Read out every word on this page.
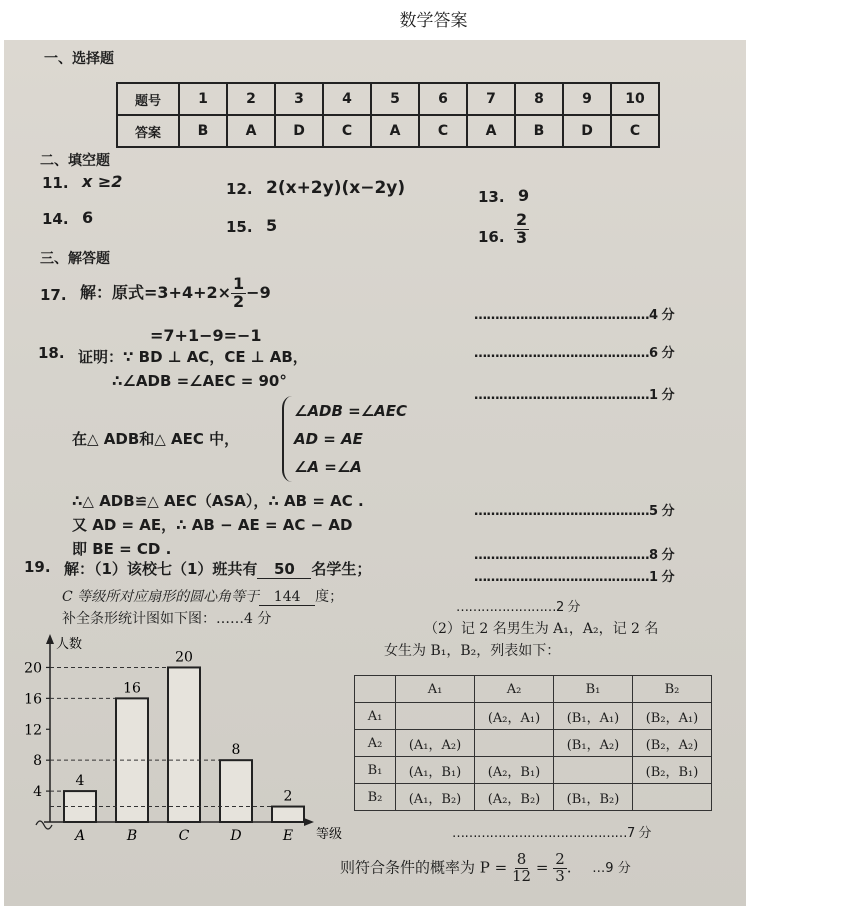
数学答案
一、选择题
题号	1	2	3	4	5	6	7	8	9	10
答案	B	A	D	C	A	C	A	B	D	C
二、填空题
11. x ≥2	12. 2(x+2y)(x−2y)	13. 9
14. 6	15. 5
16. $\frac{2}{3}$
三、解答题
17. 解：原式$=3+4+2\times \frac{1}{2} -9$
=7+1−9=−1
……………………………………4 分
……………………………………6 分
18. 证明：∵ BD ⊥ AC，CE ⊥ AB，
∴∠ADB =∠AEC = 90°
……………………………………1 分
在△ ADB和△ AEC 中，
∠ADB =∠AEC
AD = AE
∠A =∠A
∴△ ADB≌△ AEC（ASA），∴ AB = AC .
……………………………………5 分
又 AD = AE，∴ AB − AE = AC − AD
即 BE = CD .	……………………………………8 分
19. 解：（1）该校七（1）班共有 50 名学生；	……………………………………1 分
C 等级所对应扇形的圆心角等于 144 度；
……………………2 分
补全条形统计图如下图：……4 分
（2）记 2 名男生为 A₁，A₂，记 2 名
女生为 B₁，B₂，列表如下：
人数
等级
4
8
12
16
20
4
A
16
B
20
C
8
D
2
E
	A₁	A₂	B₁	B₂
A₁		(A₂，A₁)	(B₁，A₁)	(B₂，A₁)
A₂	(A₁，A₂)		(B₁，A₂)	(B₂，A₂)
B₁	(A₁，B₁)	(A₂，B₁)		(B₂，B₁)
B₂	(A₁，B₂)	(A₂，B₂)	(B₁，B₂)	
……………………………………7 分
则符合条件的概率为 $P = \frac{8}{12} = \frac{2}{3}$ . …9 分
